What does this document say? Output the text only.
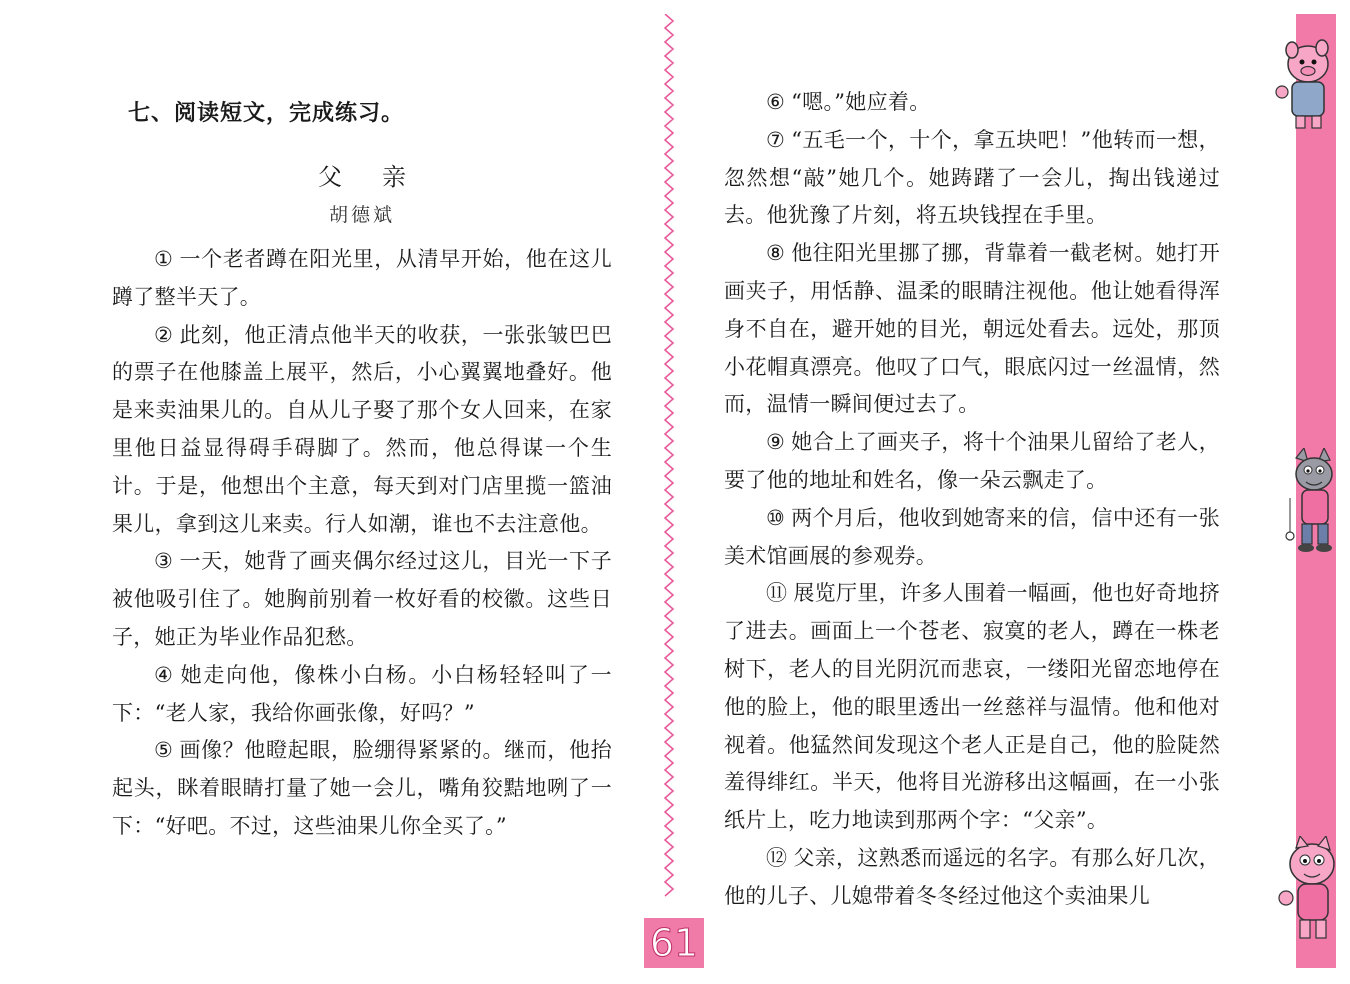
七、阅读短文，完成练习。
父亲
胡德斌

① 一个老者蹲在阳光里，从清早开始，他在这儿蹲了整半天了。

② 此刻，他正清点他半天的收获，一张张皱巴巴的票子在他膝盖上展平，然后，小心翼翼地叠好。他是来卖油果儿的。自从儿子娶了那个女人回来，在家里他日益显得碍手碍脚了。然而，他总得谋一个生计。于是，他想出个主意，每天到对门店里揽一篮油果儿，拿到这儿来卖。行人如潮，谁也不去注意他。

③ 一天，她背了画夹偶尔经过这儿，目光一下子被他吸引住了。她胸前别着一枚好看的校徽。这些日子，她正为毕业作品犯愁。

④ 她走向他，像株小白杨。小白杨轻轻叫了一下：“老人家，我给你画张像，好吗？”

⑤ 画像？他瞪起眼，脸绷得紧紧的。继而，他抬起头，眯着眼睛打量了她一会儿，嘴角狡黠地咧了一下：“好吧。不过，这些油果儿你全买了。”

⑥ “嗯。”她应着。

⑦ “五毛一个，十个，拿五块吧！”他转而一想，忽然想“敲”她几个。她踌躇了一会儿，掏出钱递过去。他犹豫了片刻，将五块钱捏在手里。

⑧ 他往阳光里挪了挪，背靠着一截老树。她打开画夹子，用恬静、温柔的眼睛注视他。他让她看得浑身不自在，避开她的目光，朝远处看去。远处，那顶小花帽真漂亮。他叹了口气，眼底闪过一丝温情，然而，温情一瞬间便过去了。

⑨ 她合上了画夹子，将十个油果儿留给了老人，要了他的地址和姓名，像一朵云飘走了。

⑩ 两个月后，他收到她寄来的信，信中还有一张美术馆画展的参观券。

⑪ 展览厅里，许多人围着一幅画，他也好奇地挤了进去。画面上一个苍老、寂寞的老人，蹲在一株老树下，老人的目光阴沉而悲哀，一缕阳光留恋地停在他的脸上，他的眼里透出一丝慈祥与温情。他和他对视着。他猛然间发现这个老人正是自己，他的脸陡然羞得绯红。半天，他将目光游移出这幅画，在一小张纸片上，吃力地读到那两个字：“父亲”。

⑫ 父亲，这熟悉而遥远的名字。有那么好几次，他的儿子、儿媳带着冬冬经过他这个卖油果儿

61
